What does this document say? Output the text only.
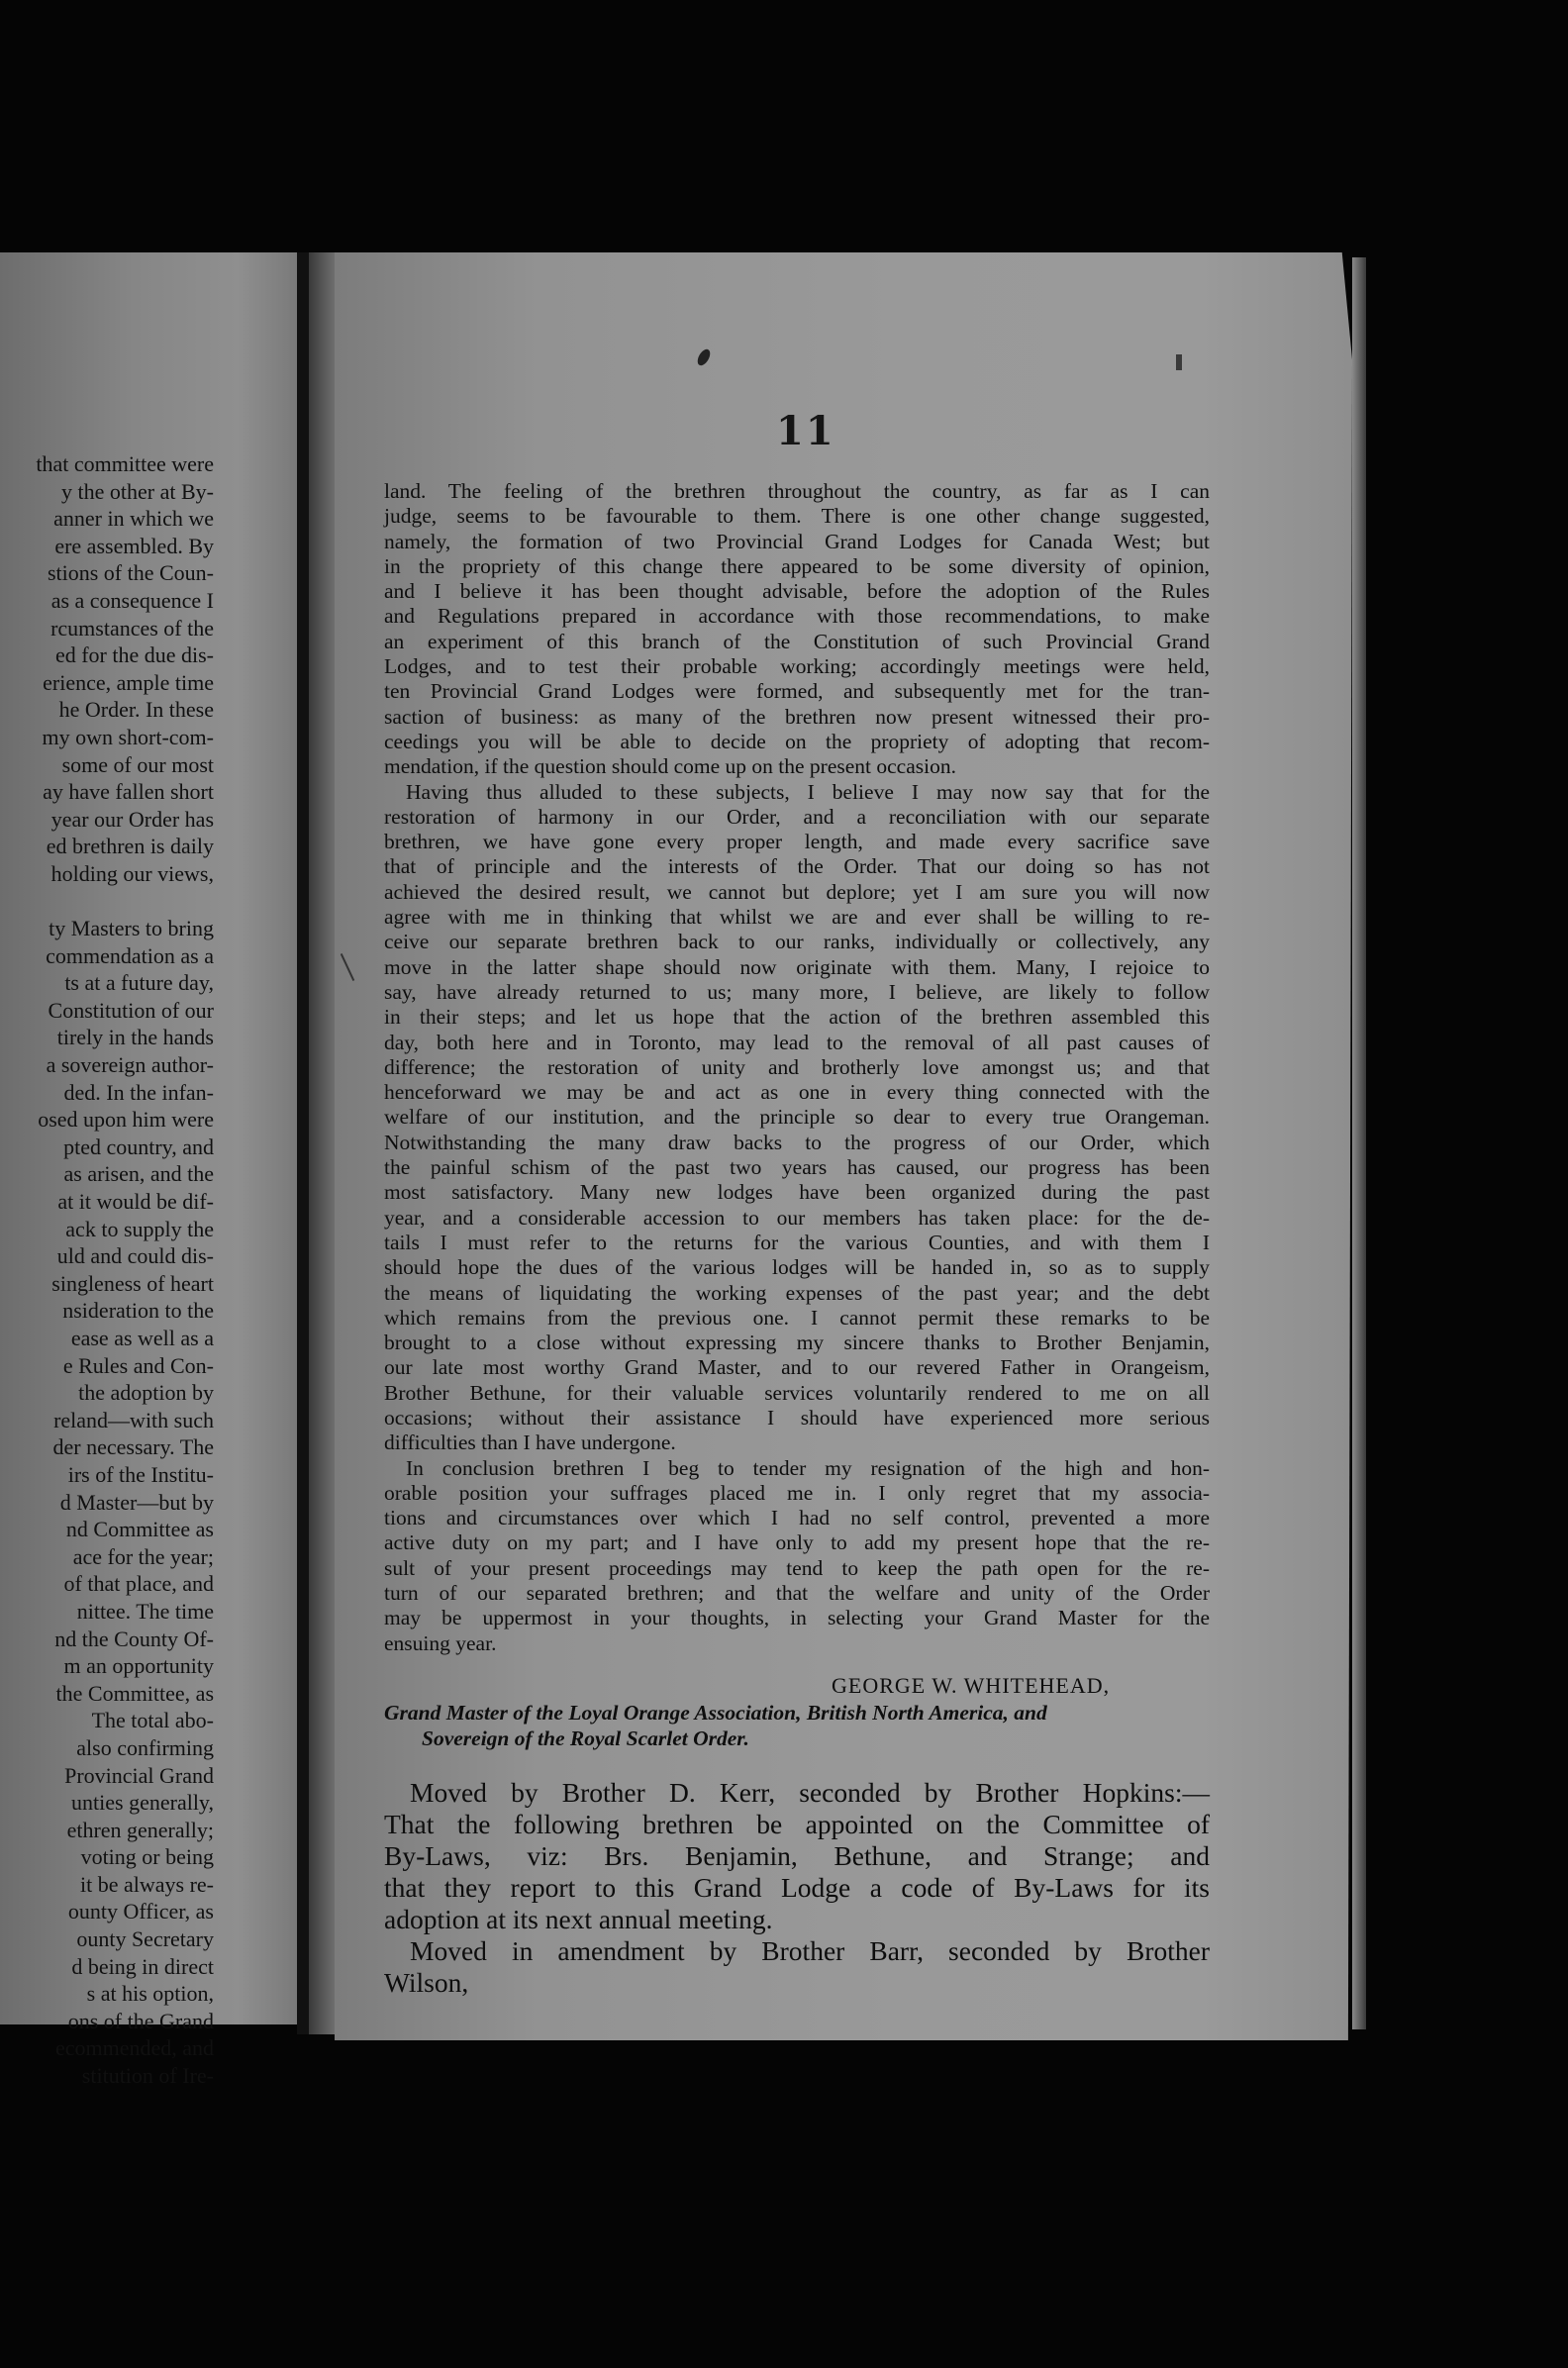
that committee were
y the other at By-
anner in which we
ere assembled. By
stions of the Coun-
as a consequence I
rcumstances of the
ed for the due dis-
erience, ample time
he Order. In these
my own short-com-
some of our most
ay have fallen short
year our Order has
ed brethren is daily
holding our views,

ty Masters to bring
commendation as a
ts at a future day,
Constitution of our
tirely in the hands
a sovereign author-
ded. In the infan-
osed upon him were
pted country, and
as arisen, and the
at it would be dif-
ack to supply the
uld and could dis-
singleness of heart
nsideration to the
ease as well as a
e Rules and Con-
the adoption by
reland—with such
der necessary. The
irs of the Institu-
d Master—but by
nd Committee as
ace for the year;
of that place, and
nittee. The time
nd the County Of-
m an opportunity
the Committee, as
The total abo-
also confirming
Provincial Grand
unties generally,
ethren generally;
voting or being
it be always re-
ounty Officer, as
ounty Secretary
d being in direct
s at his option,
ons of the Grand
ecommended, and
stitution of Ire-
11
land. The feeling of the brethren throughout the country, as far as I can
judge, seems to be favourable to them. There is one other change suggested,
namely, the formation of two Provincial Grand Lodges for Canada West; but
in the propriety of this change there appeared to be some diversity of opinion,
and I believe it has been thought advisable, before the adoption of the Rules
and Regulations prepared in accordance with those recommendations, to make
an experiment of this branch of the Constitution of such Provincial Grand
Lodges, and to test their probable working; accordingly meetings were held,
ten Provincial Grand Lodges were formed, and subsequently met for the tran-
saction of business: as many of the brethren now present witnessed their pro-
ceedings you will be able to decide on the propriety of adopting that recom-
mendation, if the question should come up on the present occasion.
Having thus alluded to these subjects, I believe I may now say that for the
restoration of harmony in our Order, and a reconciliation with our separate
brethren, we have gone every proper length, and made every sacrifice save
that of principle and the interests of the Order. That our doing so has not
achieved the desired result, we cannot but deplore; yet I am sure you will now
agree with me in thinking that whilst we are and ever shall be willing to re-
ceive our separate brethren back to our ranks, individually or collectively, any
move in the latter shape should now originate with them. Many, I rejoice to
say, have already returned to us; many more, I believe, are likely to follow
in their steps; and let us hope that the action of the brethren assembled this
day, both here and in Toronto, may lead to the removal of all past causes of
difference; the restoration of unity and brotherly love amongst us; and that
henceforward we may be and act as one in every thing connected with the
welfare of our institution, and the principle so dear to every true Orangeman.
Notwithstanding the many draw backs to the progress of our Order, which
the painful schism of the past two years has caused, our progress has been
most satisfactory. Many new lodges have been organized during the past
year, and a considerable accession to our members has taken place: for the de-
tails I must refer to the returns for the various Counties, and with them I
should hope the dues of the various lodges will be handed in, so as to supply
the means of liquidating the working expenses of the past year; and the debt
which remains from the previous one. I cannot permit these remarks to be
brought to a close without expressing my sincere thanks to Brother Benjamin,
our late most worthy Grand Master, and to our revered Father in Orangeism,
Brother Bethune, for their valuable services voluntarily rendered to me on all
occasions; without their assistance I should have experienced more serious
difficulties than I have undergone.
In conclusion brethren I beg to tender my resignation of the high and hon-
orable position your suffrages placed me in. I only regret that my associa-
tions and circumstances over which I had no self control, prevented a more
active duty on my part; and I have only to add my present hope that the re-
sult of your present proceedings may tend to keep the path open for the re-
turn of our separated brethren; and that the welfare and unity of the Order
may be uppermost in your thoughts, in selecting your Grand Master for the
ensuing year.
GEORGE W. WHITEHEAD,
Grand Master of the Loyal Orange Association, British North America, and
Sovereign of the Royal Scarlet Order.
Moved by Brother D. Kerr, seconded by Brother Hopkins:—
That the following brethren be appointed on the Committee of
By-Laws, viz: Brs. Benjamin, Bethune, and Strange; and
that they report to this Grand Lodge a code of By-Laws for its
adoption at its next annual meeting.
Moved in amendment by Brother Barr, seconded by Brother
Wilson,
